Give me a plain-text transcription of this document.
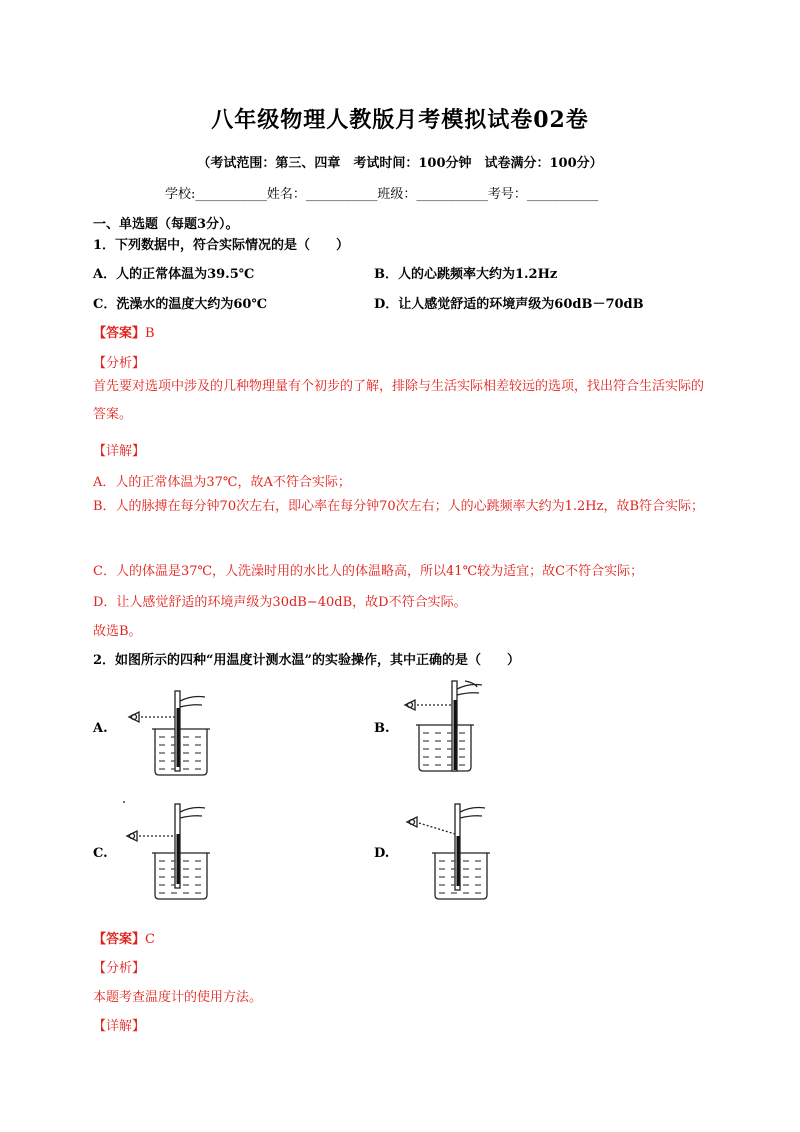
八年级物理人教版月考模拟试卷02卷
（考试范围：第三、四章　考试时间：100分钟　试卷满分：100分）
学校:___________姓名：___________班级：___________考号：___________
一、单选题（每题3分）。
1．下列数据中，符合实际情况的是（　　）
A．人的正常体温为39.5℃	B．人的心跳频率大约为1.2Hz
C．洗澡水的温度大约为60℃	D．让人感觉舒适的环境声级为60dB－70dB
【答案】B
【分析】
首先要对选项中涉及的几种物理量有个初步的了解，排除与生活实际相差较远的选项，找出符合生活实际的答案。
【详解】
A．人的正常体温为37℃，故A不符合实际；
B．人的脉搏在每分钟70次左右，即心率在每分钟70次左右；人的心跳频率大约为1.2Hz，故B符合实际；
C．人的体温是37℃，人洗澡时用的水比人的体温略高，所以41℃较为适宜；故C不符合实际；
D．让人感觉舒适的环境声级为30dB−40dB，故D不符合实际。
故选B。
2．如图所示的四种“用温度计测水温”的实验操作，其中正确的是（　　）
A.	B.
C.	D.
【答案】C
【分析】
本题考查温度计的使用方法。
【详解】
